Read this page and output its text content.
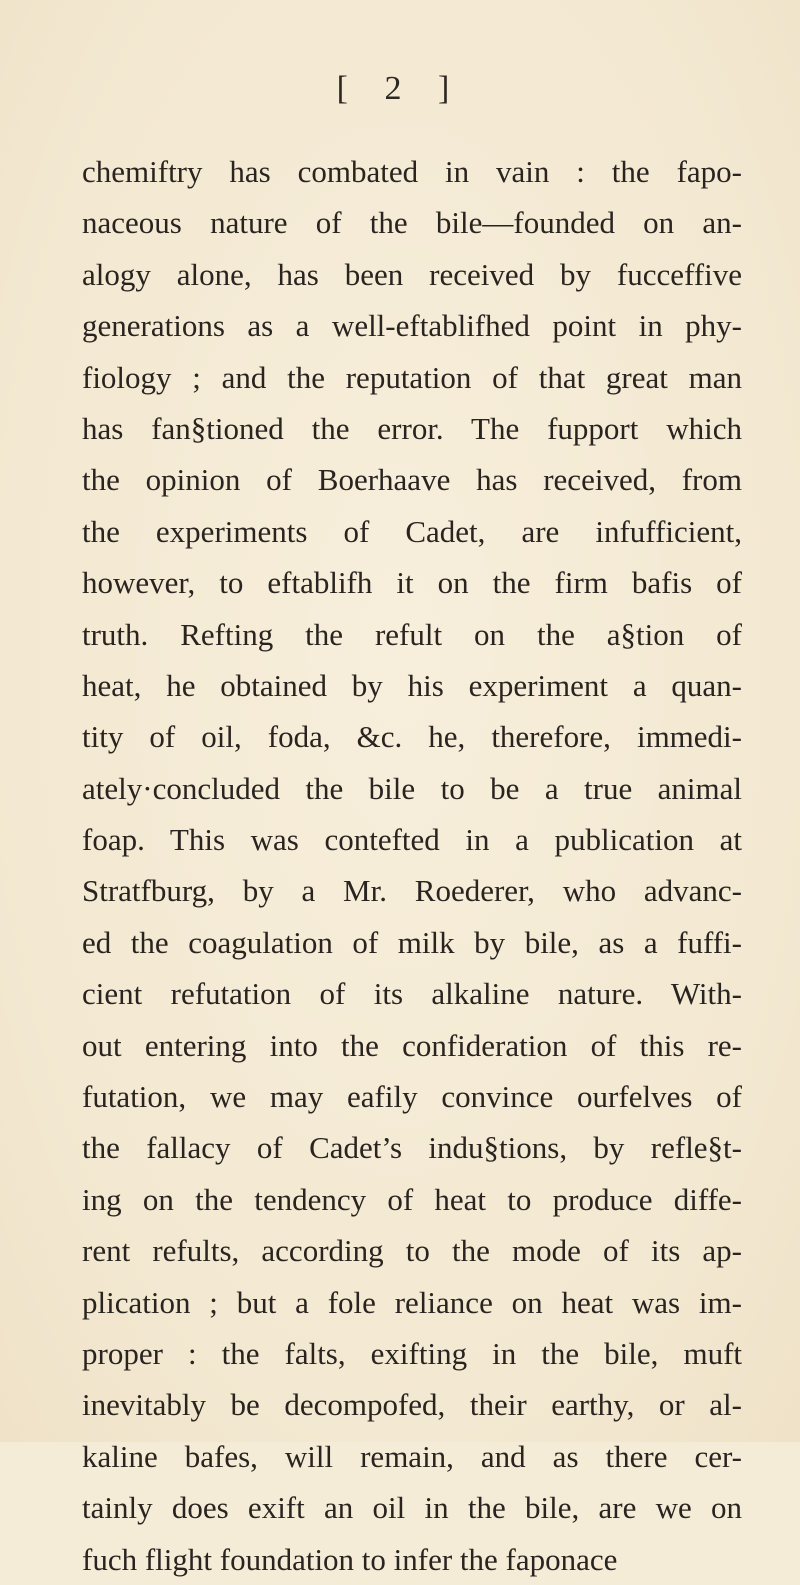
[ 2 ]
chemiftry has combated in vain : the fapo-
naceous nature of the bile—founded on an-
alogy alone, has been received by fucceffive
generations as a well-eftablifhed point in phy-
fiology ; and the reputation of that great man
has fan§tioned the error. The fupport which
the opinion of Boerhaave has received, from
the experiments of Cadet, are infufficient,
however, to eftablifh it on the firm bafis of
truth. Refting the refult on the a§tion of
heat, he obtained by his experiment a quan-
tity of oil, foda, &c. he, therefore, immedi-
ately·concluded the bile to be a true animal
foap. This was contefted in a publication at
Stratfburg, by a Mr. Roederer, who advanc-
ed the coagulation of milk by bile, as a fuffi-
cient refutation of its alkaline nature. With-
out entering into the confideration of this re-
futation, we may eafily convince ourfelves of
the fallacy of Cadet’s indu§tions, by refle§t-
ing on the tendency of heat to produce diffe-
rent refults, according to the mode of its ap-
plication ; but a fole reliance on heat was im-
proper : the falts, exifting in the bile, muft
inevitably be decompofed, their earthy, or al-
kaline bafes, will remain, and as there cer-
tainly does exift an oil in the bile, are we on
fuch flight foundation to infer the faponace
